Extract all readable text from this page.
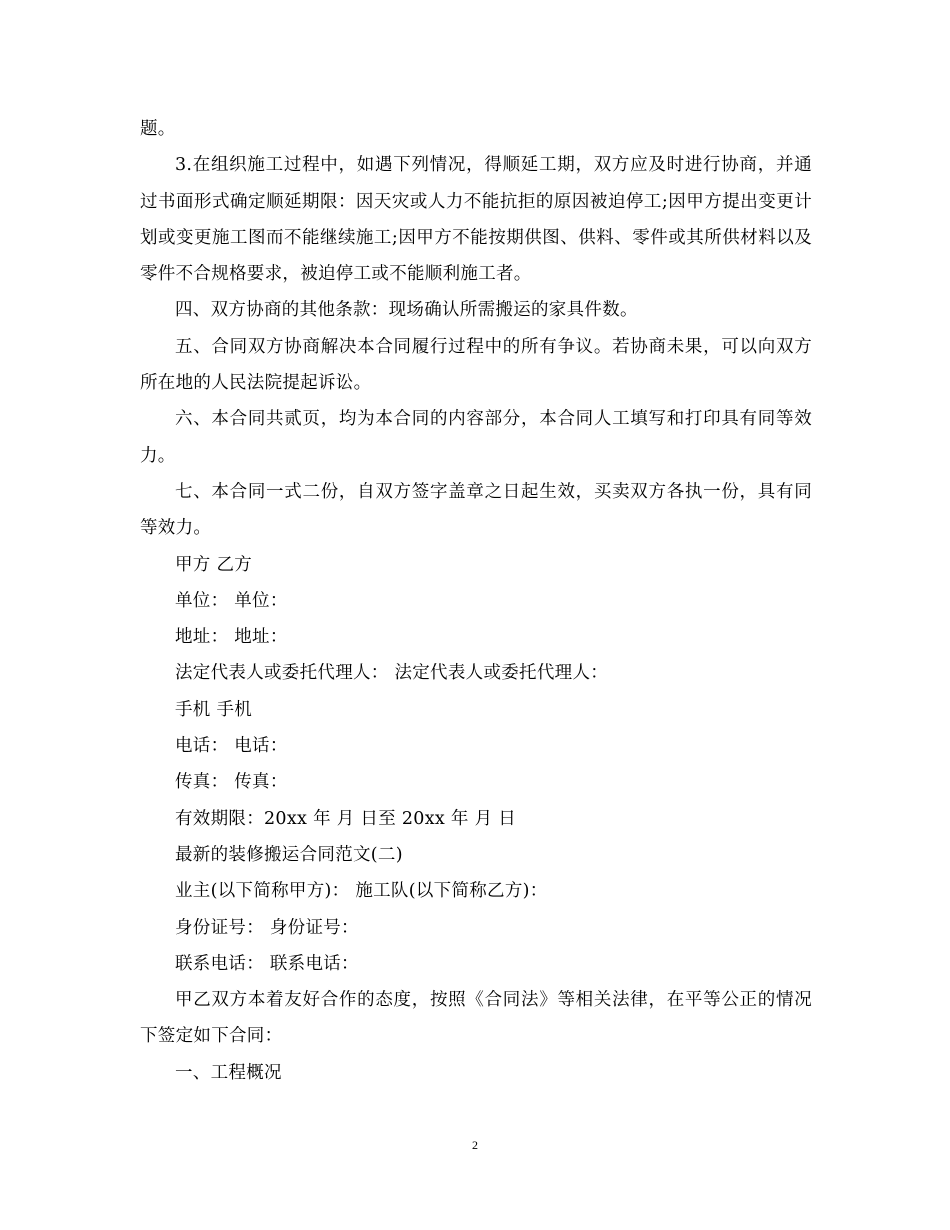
题。

3.在组织施工过程中，如遇下列情况，得顺延工期，双方应及时进行协商，并通过书面形式确定顺延期限：因天灾或人力不能抗拒的原因被迫停工;因甲方提出变更计划或变更施工图而不能继续施工;因甲方不能按期供图、供料、零件或其所供材料以及零件不合规格要求，被迫停工或不能顺利施工者。

四、双方协商的其他条款：现场确认所需搬运的家具件数。

五、合同双方协商解决本合同履行过程中的所有争议。若协商未果，可以向双方所在地的人民法院提起诉讼。

六、本合同共贰页，均为本合同的内容部分，本合同人工填写和打印具有同等效力。

七、本合同一式二份，自双方签字盖章之日起生效，买卖双方各执一份，具有同等效力。

甲方 乙方

单位： 单位：

地址： 地址：

法定代表人或委托代理人： 法定代表人或委托代理人：

手机 手机

电话： 电话：

传真： 传真：

有效期限：20xx 年 月 日至 20xx 年 月 日

最新的装修搬运合同范文(二)

业主(以下简称甲方)： 施工队(以下简称乙方)：

身份证号： 身份证号：

联系电话： 联系电话：

甲乙双方本着友好合作的态度，按照《合同法》等相关法律，在平等公正的情况下签定如下合同：

一、工程概况

2
